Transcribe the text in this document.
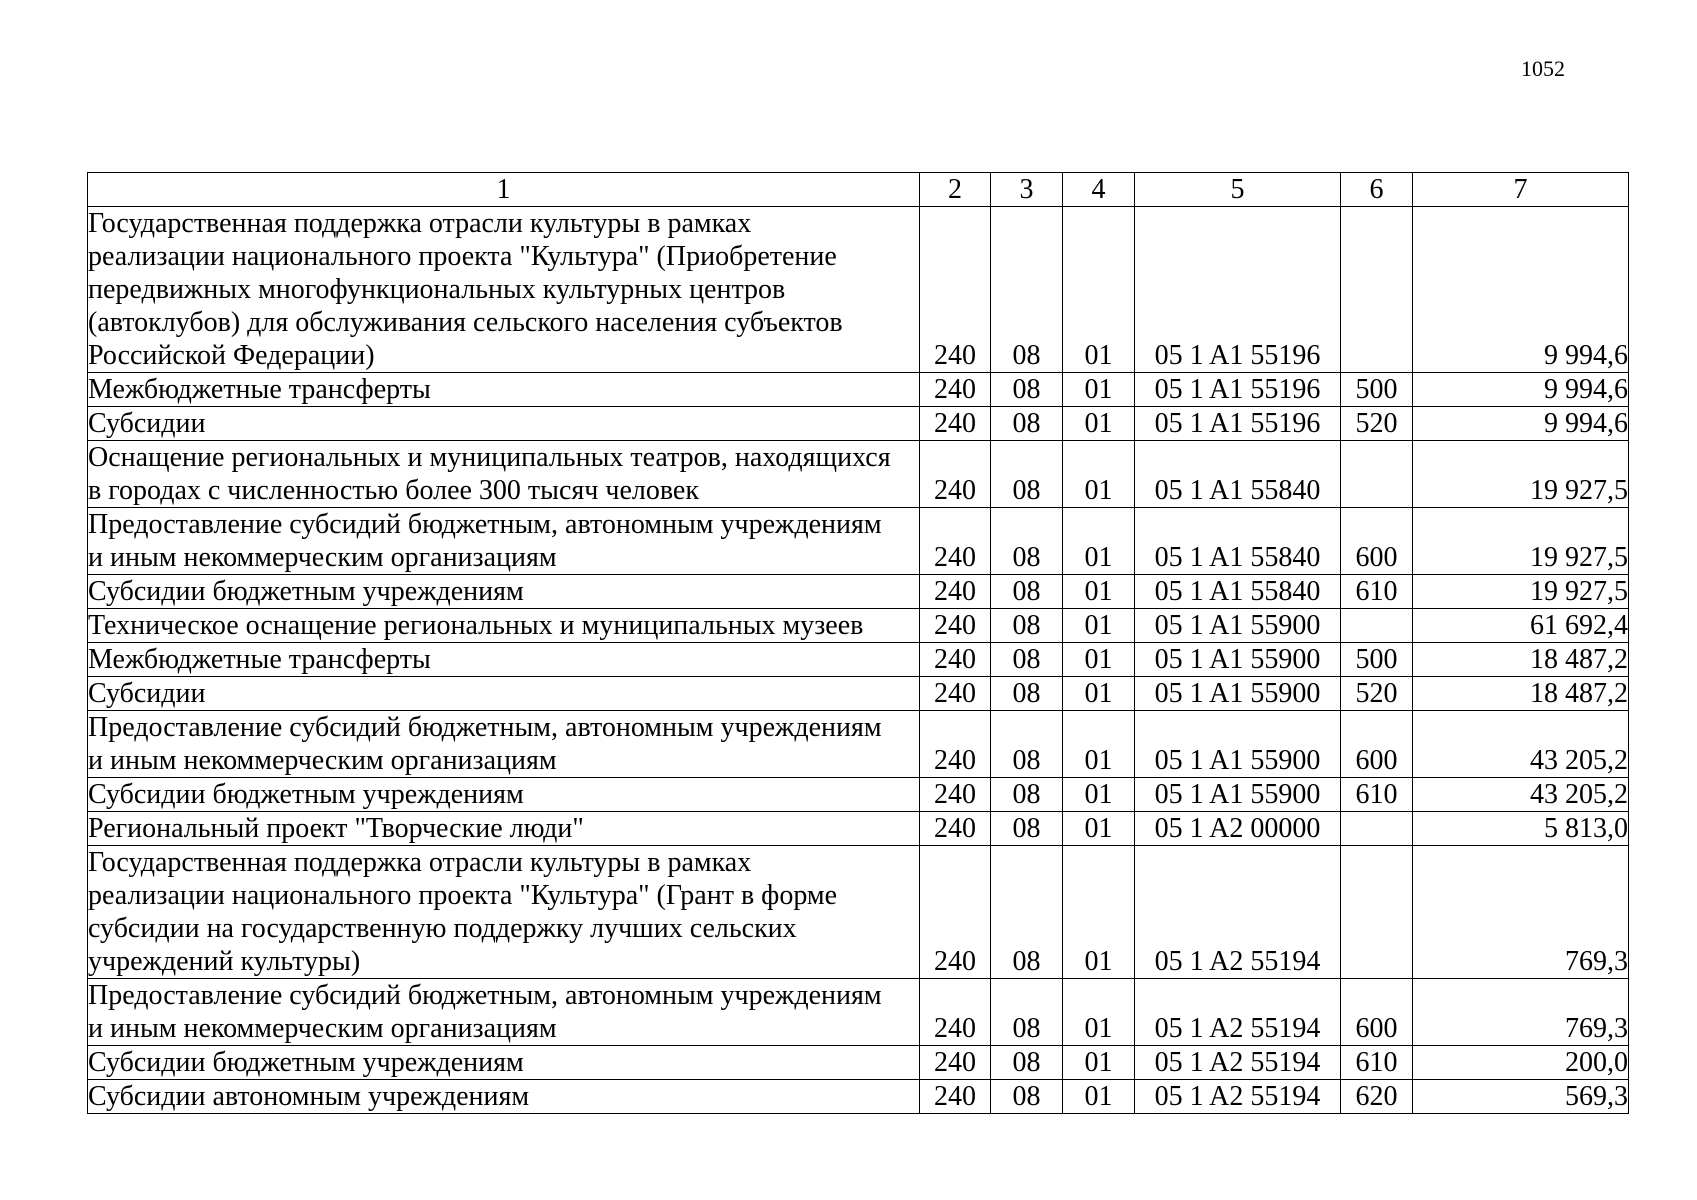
1052
1	2	3	4	5	6	7

Государственная поддержка отрасли культуры в рамках
реализации национального проекта "Культура" (Приобретение
передвижных многофункциональных культурных центров
(автоклубов) для обслуживания сельского населения субъектов
Российской Федерации)	240	08	01	05 1 A1 55196		9 994,6

Межбюджетные трансферты	240	08	01	05 1 A1 55196	500	9 994,6

Субсидии	240	08	01	05 1 A1 55196	520	9 994,6

Оснащение региональных и муниципальных театров, находящихся
в городах с численностью более 300 тысяч человек	240	08	01	05 1 A1 55840		19 927,5

Предоставление субсидий бюджетным, автономным учреждениям
и иным некоммерческим организациям	240	08	01	05 1 A1 55840	600	19 927,5

Субсидии бюджетным учреждениям	240	08	01	05 1 A1 55840	610	19 927,5

Техническое оснащение региональных и муниципальных музеев	240	08	01	05 1 A1 55900		61 692,4

Межбюджетные трансферты	240	08	01	05 1 A1 55900	500	18 487,2

Субсидии	240	08	01	05 1 A1 55900	520	18 487,2

Предоставление субсидий бюджетным, автономным учреждениям
и иным некоммерческим организациям	240	08	01	05 1 A1 55900	600	43 205,2

Субсидии бюджетным учреждениям	240	08	01	05 1 A1 55900	610	43 205,2

Региональный проект "Творческие люди"	240	08	01	05 1 A2 00000		5 813,0

Государственная поддержка отрасли культуры в рамках
реализации национального проекта "Культура" (Грант в форме
субсидии на государственную поддержку лучших сельских
учреждений культуры)	240	08	01	05 1 A2 55194		769,3

Предоставление субсидий бюджетным, автономным учреждениям
и иным некоммерческим организациям	240	08	01	05 1 A2 55194	600	769,3

Субсидии бюджетным учреждениям	240	08	01	05 1 A2 55194	610	200,0

Субсидии автономным учреждениям	240	08	01	05 1 A2 55194	620	569,3
